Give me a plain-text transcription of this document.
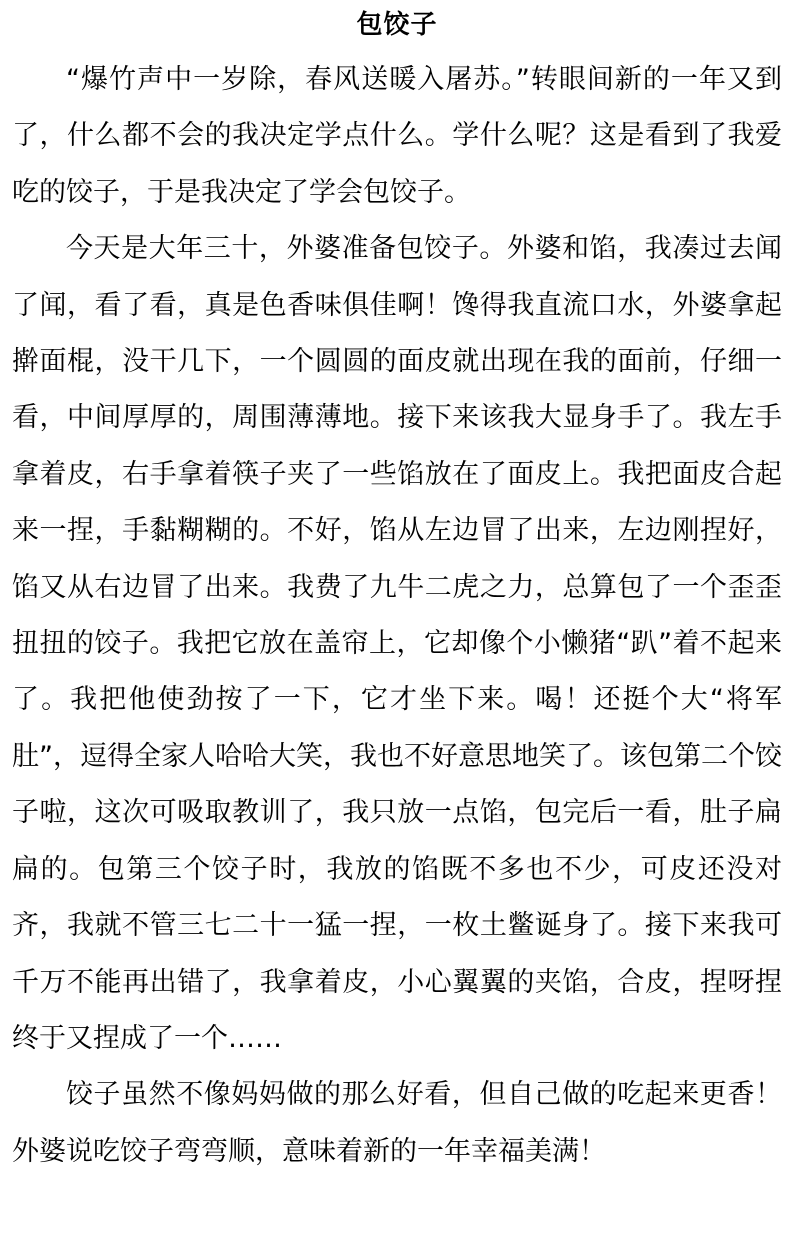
包饺子

“爆竹声中一岁除，春风送暖入屠苏。”转眼间新的一年又到了，什么都不会的我决定学点什么。学什么呢？这是看到了我爱吃的饺子，于是我决定了学会包饺子。

今天是大年三十，外婆准备包饺子。外婆和馅，我凑过去闻了闻，看了看，真是色香味俱佳啊！馋得我直流口水，外婆拿起擀面棍，没干几下，一个圆圆的面皮就出现在我的面前，仔细一看，中间厚厚的，周围薄薄地。接下来该我大显身手了。我左手拿着皮，右手拿着筷子夹了一些馅放在了面皮上。我把面皮合起来一捏，手黏糊糊的。不好，馅从左边冒了出来，左边刚捏好，馅又从右边冒了出来。我费了九牛二虎之力，总算包了一个歪歪扭扭的饺子。我把它放在盖帘上，它却像个小懒猪“趴”着不起来了。我把他使劲按了一下，它才坐下来。喝！还挺个大“将军肚”，逗得全家人哈哈大笑，我也不好意思地笑了。该包第二个饺子啦，这次可吸取教训了，我只放一点馅，包完后一看，肚子扁扁的。包第三个饺子时，我放的馅既不多也不少，可皮还没对齐，我就不管三七二十一猛一捏，一枚土鳖诞身了。接下来我可千万不能再出错了，我拿着皮，小心翼翼的夹馅，合皮，捏呀捏终于又捏成了一个……

饺子虽然不像妈妈做的那么好看，但自己做的吃起来更香！外婆说吃饺子弯弯顺，意味着新的一年幸福美满！
